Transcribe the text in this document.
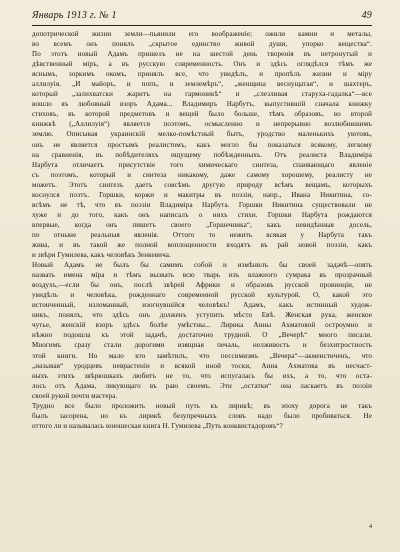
Январь 1913 г. № 1	49
допотрической жизни земли—пьянили его воображеніе; ожили камни и металы,
во всемъ онъ понялъ „скрытое единство живой души, упорко вещества“.
По этотъ новый Адамъ пришелъ не на шестой день творенія въ нетронутый и
дѣвственный міръ, а въ русскую современность. Онъ и здѣсь оглядѣлся тѣмъ же
яснымъ, зоркимъ окомъ, принялъ все, что увидѣлъ, и пропѣлъ жизни и міру
аллилуія. „И майоръ, и попъ, и землемѣръ“, „женщина веснущатая“, и шахтеръ,
который „залихватски жаритъ на гармоникѣ“ и „слезливая старуха-гадалка“—все
вошло въ любовный взоръ Адама... Владимиръ Нарбутъ, выпустившій сначала книжку
стиховъ, въ которой предметовъ и вещей было больше, тѣмъ образовъ, во второй
книжкѣ („Аллилуія“) является поэтомъ, осмысленно и непрерывно возлюбившимъ
землю. Описывая украинскій мелко-помѣстный бытъ, уродство маленькихъ уютовъ,
онъ не является простымъ реалистомъ, какъ могло бы показаться всякому, легкому
на сравненія, въ побѣдителяхъ ищущему побѣжденныхъ. Отъ реалиста Владиміра
Нарбута отличаетъ присутствіе того химическаго синтеза, спаивающаго явленіе
съ поэтомъ, который и синтеза никакому, даже самому хорошему, реалисту не
можетъ. Этотъ синтезъ даетъ совсѣмъ другую природу всѣмъ вещамъ, которыхъ
коснулся поэтъ. Горшки, коржи и макитры въ поэзіи, напр., Ивана Никитина, со-
всѣмъ не тѣ, что въ поэзіи Владиміра Нарбута. Горшки Никитина существовали не
хуже и до того, какъ онъ написалъ о нихъ стихи. Горшки Нарбута рождаются
впервые, когда онъ пишетъ своего „Горшечника“, какъ невидѣнныя досель,
по отныне реальныя явленія. Оттого то нежить всякая у Нарбута такъ
жива, и въ такой же полной воплощенности входятъ въ рай новой поэзіи, какъ
и звѣри Гумилева, какъ человѣкъ Зенкевича.
Новый Адамъ не былъ бы самимъ собой и измѣнилъ бы своей задачѣ—опять
назвать имена міра и тѣмъ вызвать всю тварь изъ влажного сумрака въ прозрачный
воздухъ,—если бы онъ, послѣ звѣрей Африки и образовъ русской провинціи, не
увидѣлъ и человѣка, рожденнаго современной русской культурой. О, какой это
истонченный, изломанный, изогнувшійся человѣкъ! Адамъ, какъ истинный худож-
никъ, понялъ, что здѣсь онъ долженъ уступить мѣсто Евѣ. Женская рука, женское
чутье, женскій взоръ здѣсь болѣе умѣстны... Лирика Анны Ахматовой остроумно и
нѣжно подошла къ этой задачѣ, достаточно трудной. О „Вечерѣ“ много писали.
Многимъ сразу стали дорогими изящная печаль, нелживость и безхитростность
этой книги. Но мало кто замѣтилъ, что пессимизмъ „Вечера“—акмеистиченъ, что
„называя“ уродцевъ неврастеніи и всякой иной тоски, Анна Ахматова въ несчаст-
ныхъ этихъ звѣрюшкахъ любитъ не то, что испугалась бы ихъ, а то, что оста-
лось отъ Адама, ликующаго въ раю своемъ. Эти „остатки“ она ласкаетъ въ поэзіи
своей рукой почти мастера.
Трудно все было проложить новый путь къ лирикѣ; въ эпоху дорога не такъ
былъ засорена, но къ лирикѣ безупречныхъ словъ надо было пробиваться. Не
оттого ли и называлась юношеская книга Н. Гумилева „Путь конквистадоровъ“?
4
